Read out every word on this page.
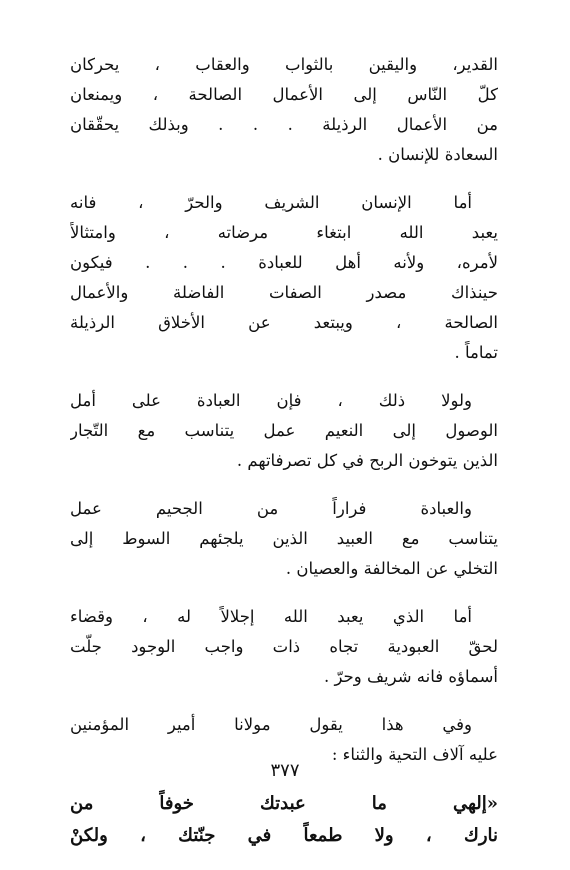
القدير، واليقين بالثواب والعقاب ، يحركان
كلّ النّاس إلى الأعمال الصالحة ، ويمنعان
من الأعمال الرذيلة . . . وبذلك يحقّقان
السعادة للإنسان .
أما الإنسان الشريف والحرّ ، فانه
يعبد الله ابتغاء مرضاته ، وامتثالاً
لأمره، ولأنه أهل للعبادة . . . فيكون
حينذاك مصدر الصفات الفاضلة والأعمال
الصالحة ، ويبتعد عن الأخلاق الرذيلة
تماماً .
ولولا ذلك ، فإن العبادة على أمل
الوصول إلى النعيم عمل يتناسب مع التّجار
الذين يتوخون الربح في كل تصرفاتهم .
والعبادة فراراً من الجحيم عمل
يتناسب مع العبيد الذين يلجئهم السوط إلى
التخلي عن المخالفة والعصيان .
أما الذي يعبد الله إجلالاً له ، وقضاء
لحقّ العبودية تجاه ذات واجب الوجود جلّت
أسماؤه فانه شريف وحرّ .
وفي هذا يقول مولانا أمير المؤمنين
عليه آلاف التحية والثناء :
«إلهي ما عبدتك خوفاً من
نارك ، ولا طمعاً في جنّتك ، ولكنْ
٣٧٧
